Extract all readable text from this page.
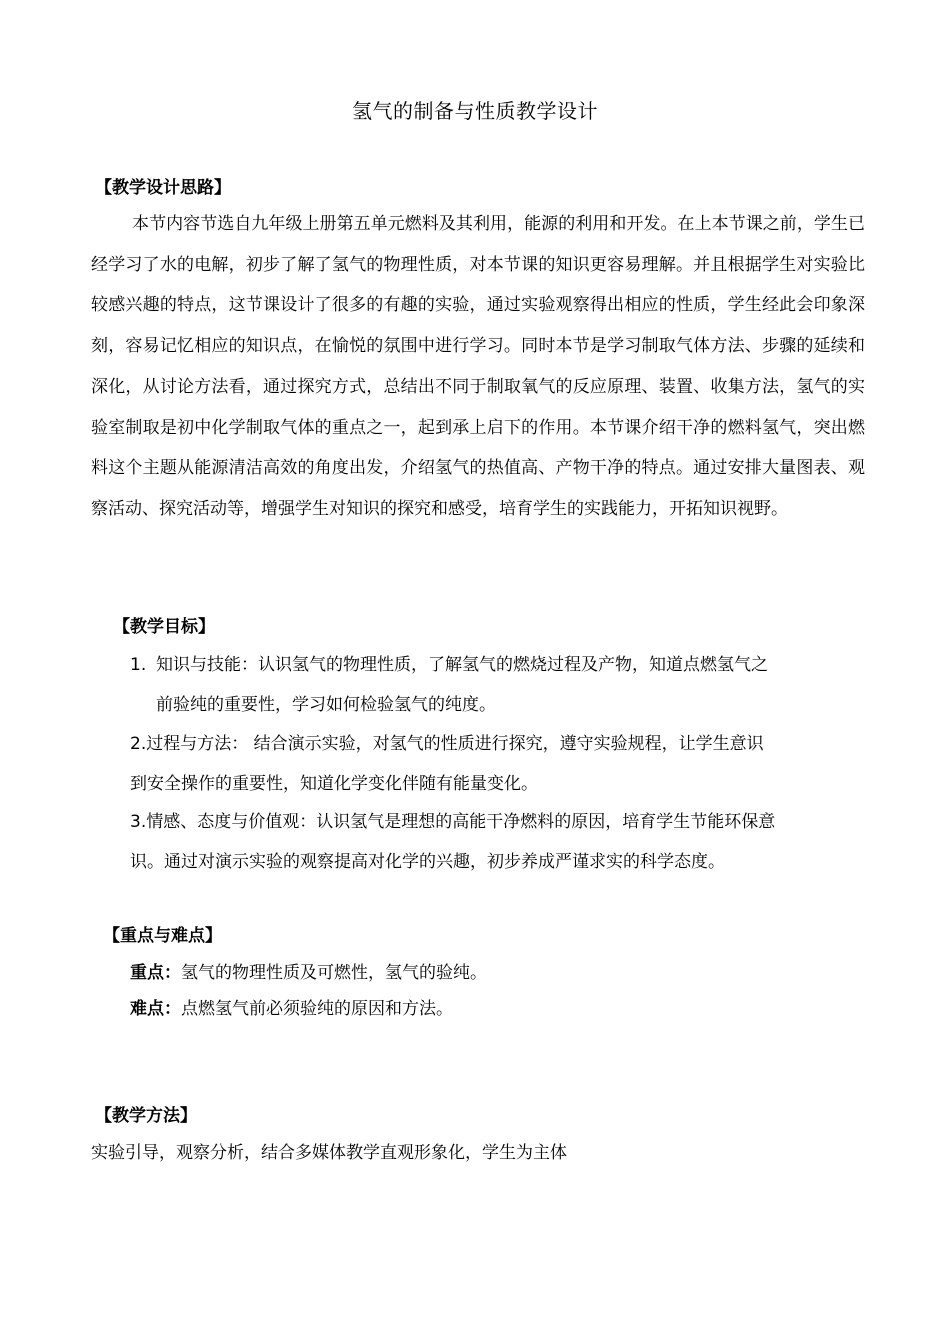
氢气的制备与性质教学设计
【教学设计思路】

本节内容节选自九年级上册第五单元燃料及其利用，能源的利用和开发。在上本节课之前，学生已经学习了水的电解，初步了解了氢气的物理性质，对本节课的知识更容易理解。并且根据学生对实验比较感兴趣的特点，这节课设计了很多的有趣的实验，通过实验观察得出相应的性质，学生经此会印象深刻，容易记忆相应的知识点，在愉悦的氛围中进行学习。同时本节是学习制取气体方法、步骤的延续和深化，从讨论方法看，通过探究方式，总结出不同于制取氧气的反应原理、装置、收集方法，氢气的实验室制取是初中化学制取气体的重点之一，起到承上启下的作用。本节课介绍干净的燃料氢气，突出燃料这个主题从能源清洁高效的角度出发，介绍氢气的热值高、产物干净的特点。通过安排大量图表、观察活动、探究活动等，增强学生对知识的探究和感受，培育学生的实践能力，开拓知识视野。

【教学目标】
1. 知识与技能：认识氢气的物理性质，了解氢气的燃烧过程及产物，知道点燃氢气之
前验纯的重要性，学习如何检验氢气的纯度。
2.过程与方法： 结合演示实验，对氢气的性质进行探究，遵守实验规程，让学生意识
到安全操作的重要性，知道化学变化伴随有能量变化。
3.情感、态度与价值观：认识氢气是理想的高能干净燃料的原因，培育学生节能环保意
识。通过对演示实验的观察提高对化学的兴趣，初步养成严谨求实的科学态度。
【重点与难点】
重点：氢气的物理性质及可燃性，氢气的验纯。
难点：点燃氢气前必须验纯的原因和方法。
【教学方法】
实验引导，观察分析，结合多媒体教学直观形象化，学生为主体
